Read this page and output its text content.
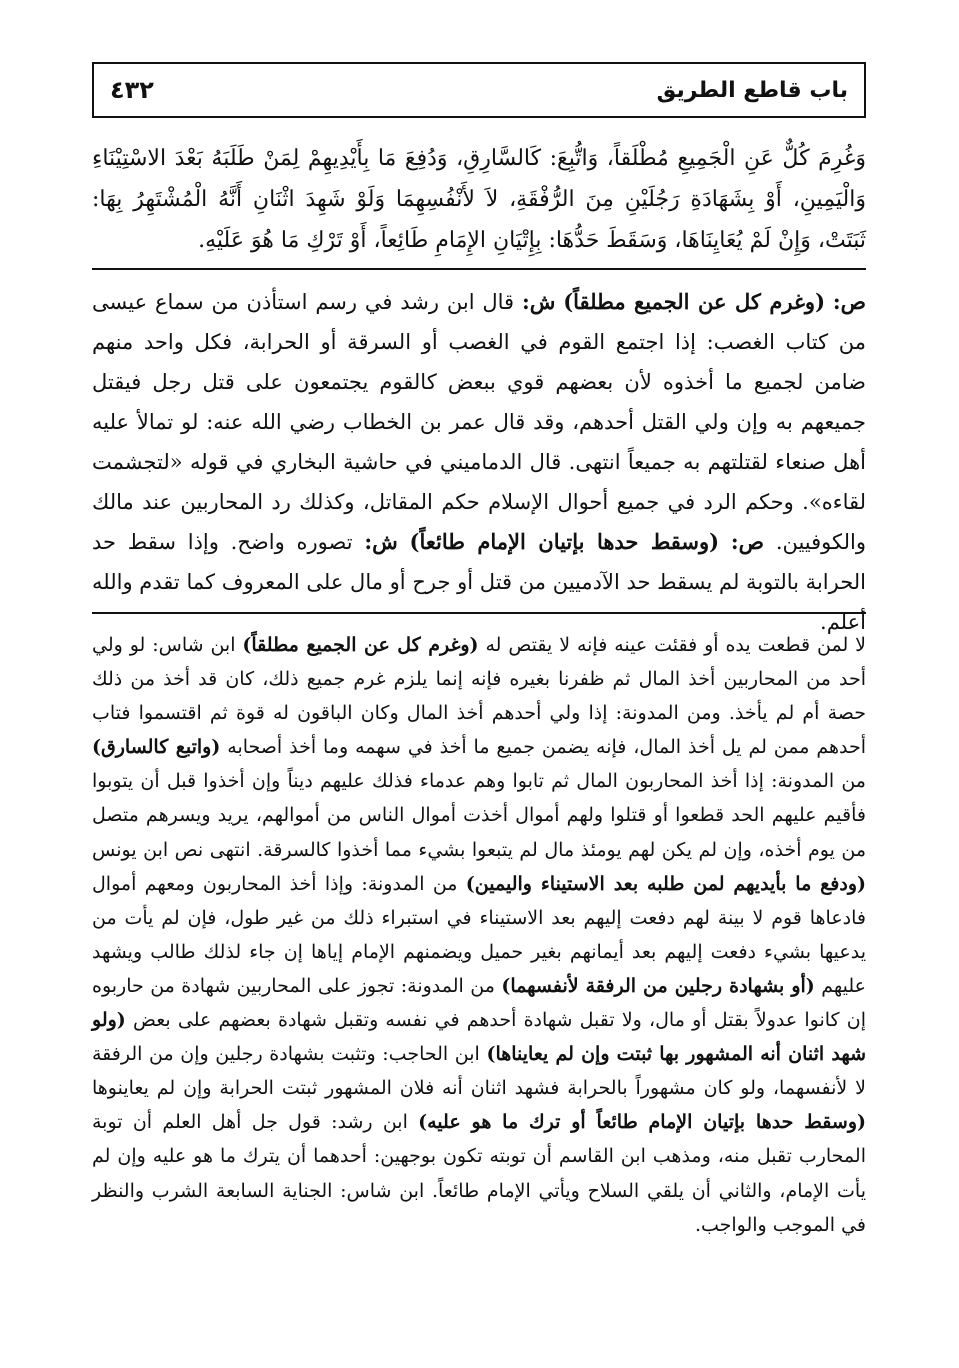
باب قاطع الطريق
٤٣٢

وَغُرِمَ كُلٌّ عَنِ الْجَمِيعِ مُطْلَقاً، وَاتُّبِعَ: كَالسَّارِقِ، وَدُفِعَ مَا بِأَيْدِيهِمْ لِمَنْ طَلَبَهُ بَعْدَ الاسْتِيْنَاءِ وَالْيَمِينِ، أَوْ بِشَهَادَةِ رَجُلَيْنِ مِنَ الرُّفْقَةِ، لاَ لأَنْفُسِهِمَا وَلَوْ شَهِدَ اثْنَانِ أَنَّهُ الْمُشْتَهِرُ بِهَا: ثَبَتَتْ، وَإِنْ لَمْ يُعَايِنَاهَا، وَسَقَطَ حَدُّهَا: بِإِتْيَانِ الإِمَامِ طَائِعاً، أَوْ تَرْكِ مَا هُوَ عَلَيْهِ.

ص: (وغرم كل عن الجميع مطلقاً) ش: قال ابن رشد في رسم استأذن من سماع عيسى من كتاب الغصب: إذا اجتمع القوم في الغصب أو السرقة أو الحرابة، فكل واحد منهم ضامن لجميع ما أخذوه لأن بعضهم قوي ببعض كالقوم يجتمعون على قتل رجل فيقتل جميعهم به وإن ولي القتل أحدهم، وقد قال عمر بن الخطاب رضي الله عنه: لو تمالأ عليه أهل صنعاء لقتلتهم به جميعاً انتهى. قال الدماميني في حاشية البخاري في قوله «لتجشمت لقاءه». وحكم الرد في جميع أحوال الإسلام حكم المقاتل، وكذلك رد المحاربين عند مالك والكوفيين. ص: (وسقط حدها بإتيان الإمام طائعاً) ش: تصوره واضح. وإذا سقط حد الحرابة بالتوبة لم يسقط حد الآدميين من قتل أو جرح أو مال على المعروف كما تقدم والله أعلم.

لا لمن قطعت يده أو فقئت عينه فإنه لا يقتص له (وغرم كل عن الجميع مطلقاً) ابن شاس: لو ولي أحد من المحاربين أخذ المال ثم ظفرنا بغيره فإنه إنما يلزم غرم جميع ذلك، كان قد أخذ من ذلك حصة أم لم يأخذ. ومن المدونة: إذا ولي أحدهم أخذ المال وكان الباقون له قوة ثم اقتسموا فتاب أحدهم ممن لم يل أخذ المال، فإنه يضمن جميع ما أخذ في سهمه وما أخذ أصحابه (واتبع كالسارق) من المدونة: إذا أخذ المحاربون المال ثم تابوا وهم عدماء فذلك عليهم ديناً وإن أخذوا قبل أن يتوبوا فأقيم عليهم الحد قطعوا أو قتلوا ولهم أموال أخذت أموال الناس من أموالهم، يريد ويسرهم متصل من يوم أخذه، وإن لم يكن لهم يومئذ مال لم يتبعوا بشيء مما أخذوا كالسرقة. انتهى نص ابن يونس (ودفع ما بأيديهم لمن طلبه بعد الاستيناء واليمين) من المدونة: وإذا أخذ المحاربون ومعهم أموال فادعاها قوم لا بينة لهم دفعت إليهم بعد الاستيناء في استبراء ذلك من غير طول، فإن لم يأت من يدعيها بشيء دفعت إليهم بعد أيمانهم بغير حميل ويضمنهم الإمام إياها إن جاء لذلك طالب ويشهد عليهم (أو بشهادة رجلين من الرفقة لأنفسهما) من المدونة: تجوز على المحاربين شهادة من حاربوه إن كانوا عدولاً بقتل أو مال، ولا تقبل شهادة أحدهم في نفسه وتقبل شهادة بعضهم على بعض (ولو شهد اثنان أنه المشهور بها ثبتت وإن لم يعايناها) ابن الحاجب: وتثبت بشهادة رجلين وإن من الرفقة لا لأنفسهما، ولو كان مشهوراً بالحرابة فشهد اثنان أنه فلان المشهور ثبتت الحرابة وإن لم يعاينوها (وسقط حدها بإتيان الإمام طائعاً أو ترك ما هو عليه) ابن رشد: قول جل أهل العلم أن توبة المحارب تقبل منه، ومذهب ابن القاسم أن توبته تكون بوجهين: أحدهما أن يترك ما هو عليه وإن لم يأت الإمام، والثاني أن يلقي السلاح ويأتي الإمام طائعاً. ابن شاس: الجناية السابعة الشرب والنظر في الموجب والواجب.
